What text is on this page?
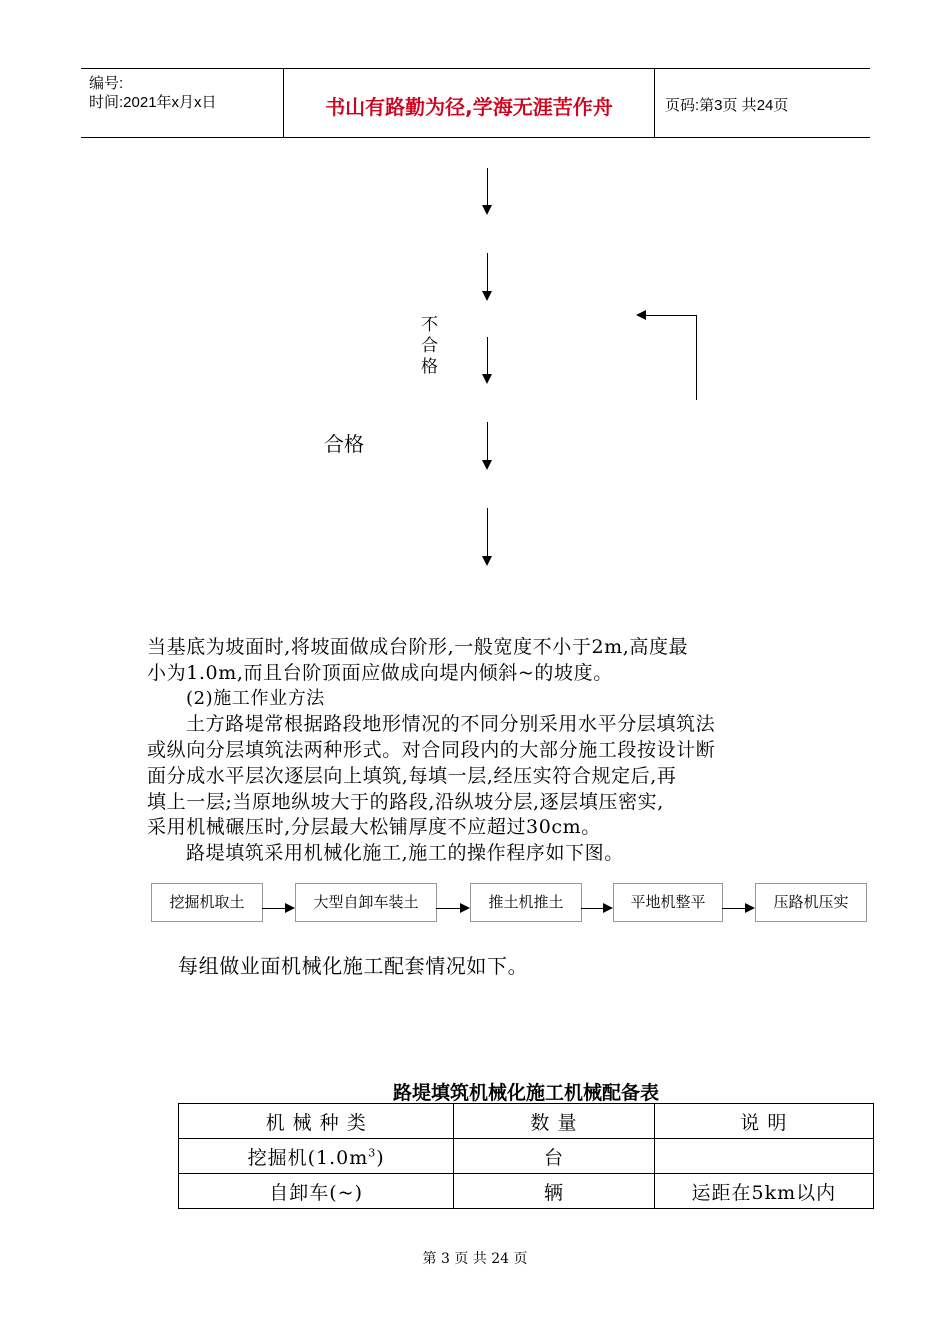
编号:
时间:2021年x月x日	书山有路勤为径,学海无涯苦作舟	页码:第3页 共24页
不合格
合格
当基底为坡面时,将坡面做成台阶形,一般宽度不小于2m,高度最
小为1.0m,而且台阶顶面应做成向堤内倾斜~的坡度。
(2)施工作业方法
土方路堤常根据路段地形情况的不同分别采用水平分层填筑法
或纵向分层填筑法两种形式。对合同段内的大部分施工段按设计断
面分成水平层次逐层向上填筑,每填一层,经压实符合规定后,再
填上一层;当原地纵坡大于的路段,沿纵坡分层,逐层填压密实,
采用机械碾压时,分层最大松铺厚度不应超过30cm。
路堤填筑采用机械化施工,施工的操作程序如下图。
挖掘机取土	大型自卸车装土	推土机推土	平地机整平	压路机压实
每组做业面机械化施工配套情况如下。
路堤填筑机械化施工机械配备表
机 械 种 类	数 量	说 明
挖掘机$(1.0m^3)$	台	
自卸车(~)	辆	运距在5km以内
第 3 页 共 24 页
